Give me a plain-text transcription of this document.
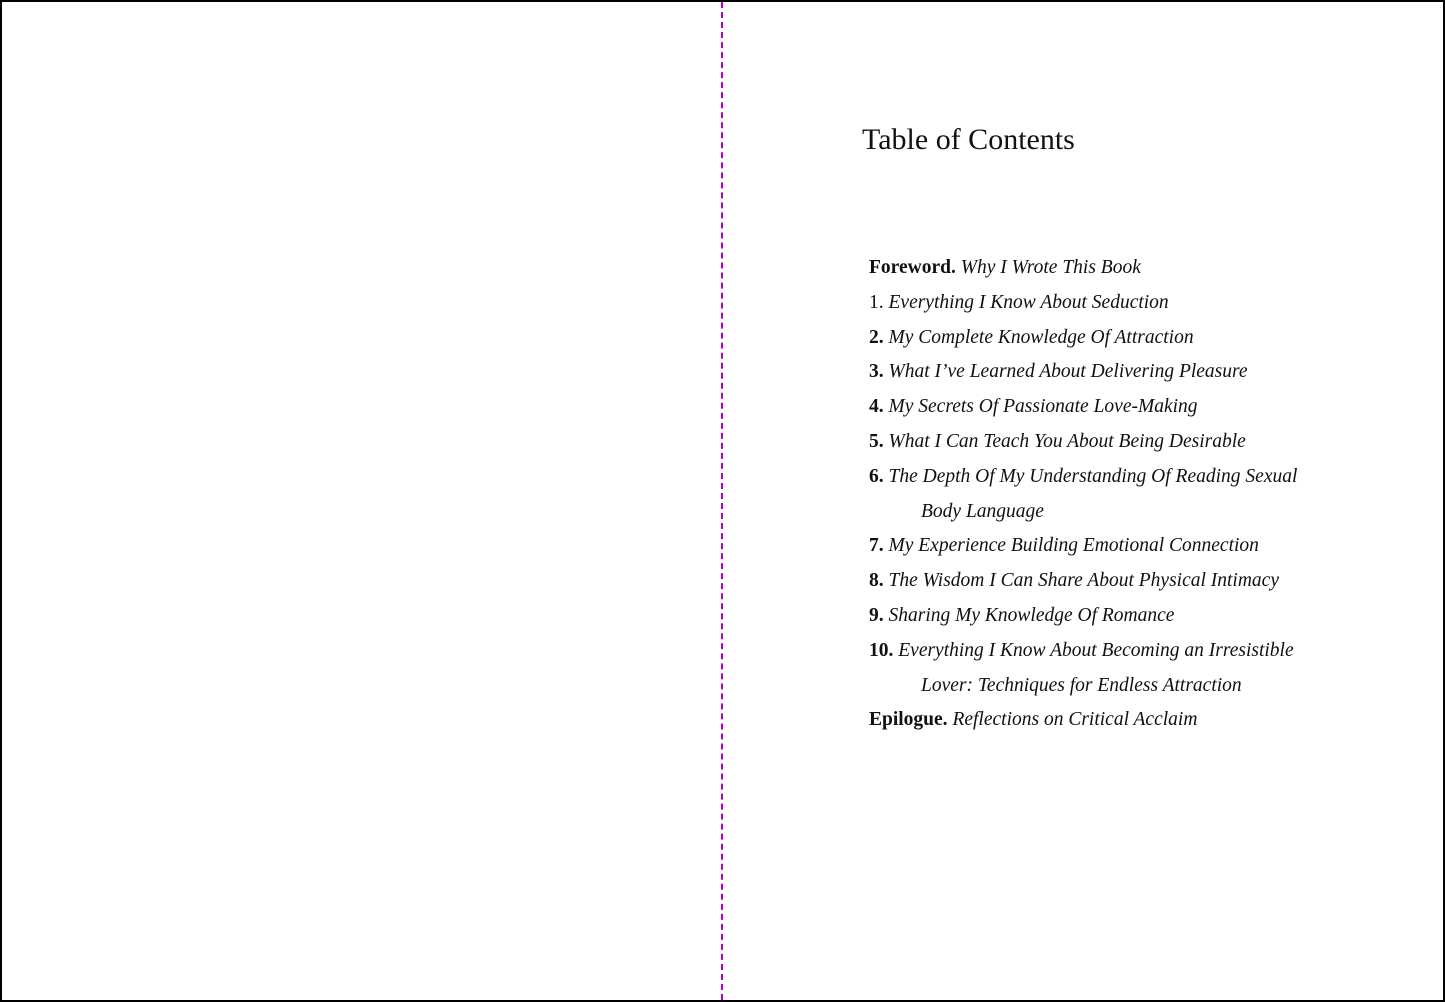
Table of Contents
Foreword. Why I Wrote This Book
1. Everything I Know About Seduction
2. My Complete Knowledge Of Attraction
3. What I’ve Learned About Delivering Pleasure
4. My Secrets Of Passionate Love-Making
5. What I Can Teach You About Being Desirable
6. The Depth Of My Understanding Of Reading Sexual
Body Language
7. My Experience Building Emotional Connection
8. The Wisdom I Can Share About Physical Intimacy
9. Sharing My Knowledge Of Romance
10. Everything I Know About Becoming an Irresistible
Lover: Techniques for Endless Attraction
Epilogue. Reflections on Critical Acclaim
